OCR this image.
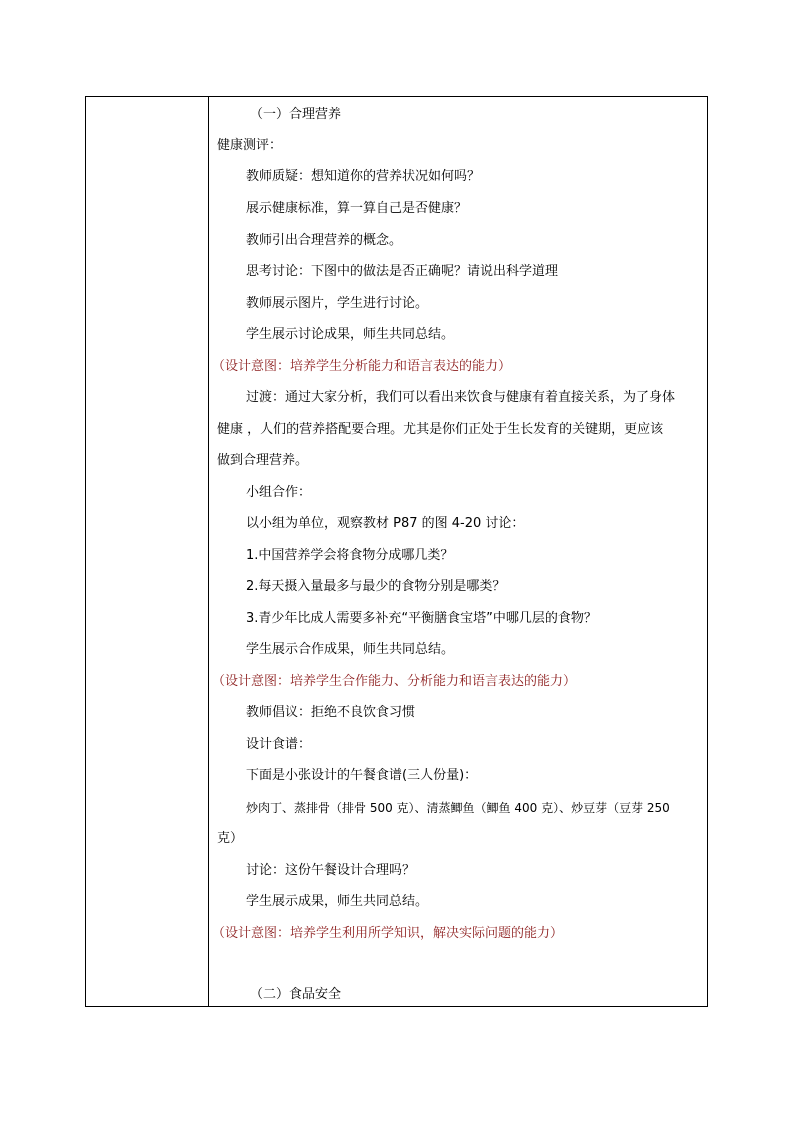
（一）合理营养
健康测评：
教师质疑：想知道你的营养状况如何吗？
展示健康标准，算一算自己是否健康？
教师引出合理营养的概念。
思考讨论：下图中的做法是否正确呢？请说出科学道理
教师展示图片，学生进行讨论。
学生展示讨论成果，师生共同总结。
（设计意图：培养学生分析能力和语言表达的能力）
过渡：通过大家分析，我们可以看出来饮食与健康有着直接关系，为了身体
健康 ，人们的营养搭配要合理。尤其是你们正处于生长发育的关键期，更应该
做到合理营养。
小组合作：
以小组为单位，观察教材 P87 的图 4-20 讨论：
1.中国营养学会将食物分成哪几类？
2.每天摄入量最多与最少的食物分别是哪类？
3.青少年比成人需要多补充“平衡膳食宝塔”中哪几层的食物？
学生展示合作成果，师生共同总结。
（设计意图：培养学生合作能力、分析能力和语言表达的能力）
教师倡议：拒绝不良饮食习惯
设计食谱：
下面是小张设计的午餐食谱(三人份量)：
炒肉丁、蒸排骨（排骨 500 克）、清蒸鲫鱼（鲫鱼 400 克）、炒豆芽（豆芽 250
克）
讨论：这份午餐设计合理吗？
学生展示成果，师生共同总结。
（设计意图：培养学生利用所学知识，解决实际问题的能力）
（二）食品安全
